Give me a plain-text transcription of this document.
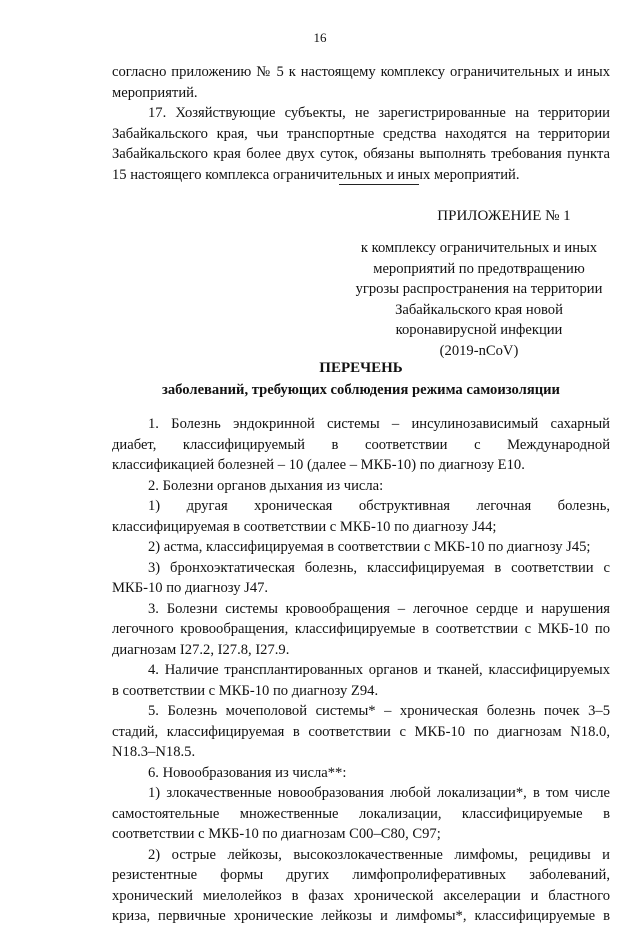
16

согласно приложению № 5 к настоящему комплексу ограничительных и иных

мероприятий.

17. Хозяйствующие субъекты, не зарегистрированные на территории

Забайкальского края, чьи транспортные средства находятся на территории

Забайкальского края более двух суток, обязаны выполнять требования пункта

15 настоящего комплекса ограничительных и иных мероприятий.

ПРИЛОЖЕНИЕ № 1

к комплексу ограничительных и иных

мероприятий по предотвращению

угрозы распространения на территории

Забайкальского края новой

коронавирусной инфекции

(2019-nCoV)

ПЕРЕЧЕНЬ
заболеваний, требующих соблюдения режима самоизоляции

1. Болезнь эндокринной системы – инсулинозависимый сахарный

диабет, классифицируемый в соответствии с Международной

классификацией болезней – 10 (далее – МКБ-10) по диагнозу E10.

2. Болезни органов дыхания из числа:

1) другая хроническая обструктивная легочная болезнь,

классифицируемая в соответствии с МКБ-10 по диагнозу J44;

2) астма, классифицируемая в соответствии с МКБ-10 по диагнозу J45;

3) бронхоэктатическая болезнь, классифицируемая в соответствии с

МКБ-10 по диагнозу J47.

3. Болезни системы кровообращения – легочное сердце и нарушения

легочного кровообращения, классифицируемые в соответствии с МКБ-10 по

диагнозам I27.2, I27.8, I27.9.

4. Наличие трансплантированных органов и тканей, классифицируемых

в соответствии с МКБ-10 по диагнозу Z94.

5. Болезнь мочеполовой системы* – хроническая болезнь почек 3–5

стадий, классифицируемая в соответствии с МКБ-10 по диагнозам N18.0,

N18.3–N18.5.

6. Новообразования из числа**:

1) злокачественные новообразования любой локализации*, в том числе

самостоятельные множественные локализации, классифицируемые в

соответствии с МКБ-10 по диагнозам C00–C80, C97;

2) острые лейкозы, высокозлокачественные лимфомы, рецидивы и

резистентные формы других лимфопролиферативных заболеваний,

хронический миелолейкоз в фазах хронической акселерации и бластного

криза, первичные хронические лейкозы и лимфомы*, классифицируемые в
